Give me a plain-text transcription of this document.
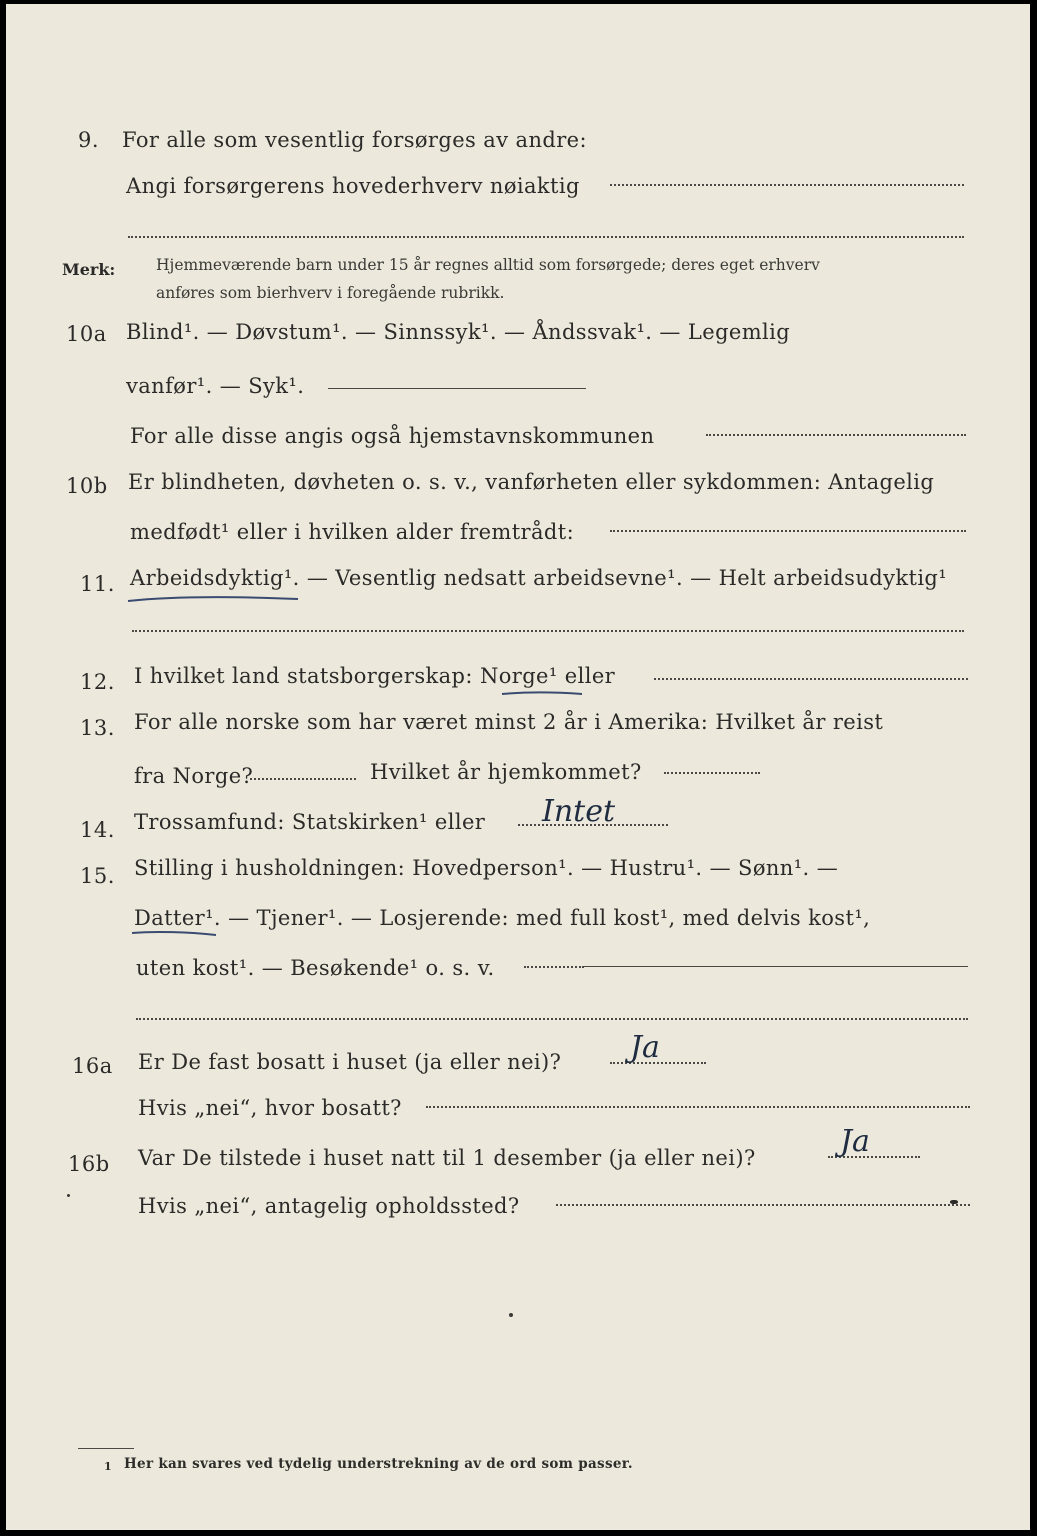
9. For alle som vesentlig forsørges av andre:
Angi forsørgerens hovederhverv nøiaktig
Merk:	Hjemmeværende barn under 15 år regnes alltid som forsørgede; deres eget erhverv
anføres som bierhverv i foregående rubrikk.
10a Blind¹. — Døvstum¹. — Sinnssyk¹. — Åndssvak¹. — Legemlig
vanfør¹. — Syk¹.
For alle disse angis også hjemstavnskommunen
10b Er blindheten, døvheten o. s. v., vanførheten eller sykdommen: Antagelig
medfødt¹ eller i hvilken alder fremtrådt:
11. Arbeidsdyktig¹. — Vesentlig nedsatt arbeidsevne¹. — Helt arbeidsudyktig¹
12. I hvilket land statsborgerskap: Norge¹ eller
13. For alle norske som har været minst 2 år i Amerika: Hvilket år reist
fra Norge?	Hvilket år hjemkommet?
14. Trossamfund: Statskirken¹ eller Intet
15. Stilling i husholdningen: Hovedperson¹. — Hustru¹. — Sønn¹. —
Datter¹. — Tjener¹. — Losjerende: med full kost¹, med delvis kost¹,
uten kost¹. — Besøkende¹ o. s. v.
16a Er De fast bosatt i huset (ja eller nei)? Ja
Hvis „nei“, hvor bosatt?
16b Var De tilstede i huset natt til 1 desember (ja eller nei)?	Ja
Hvis „nei“, antagelig opholdssted?
1 Her kan svares ved tydelig understrekning av de ord som passer.
